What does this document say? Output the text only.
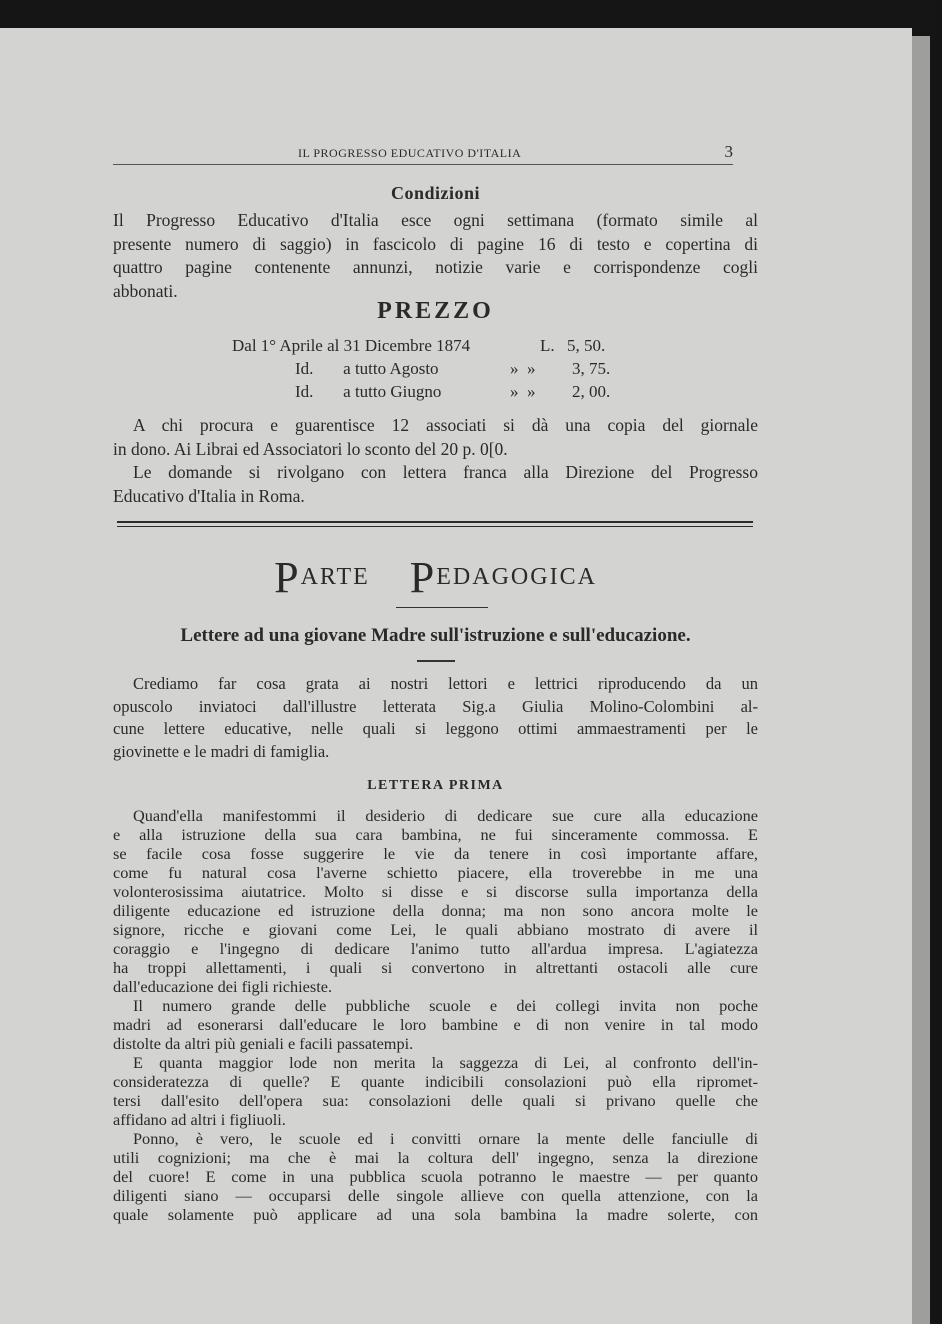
IL PROGRESSO EDUCATIVO D'ITALIA	3
Condizioni

Il Progresso Educativo d'Italia esce ogni settimana (formato simile al

presente numero di saggio) in fascicolo di pagine 16 di testo e copertina di

quattro pagine contenente annunzi, notizie varie e corrispondenze cogli

abbonati.

PREZZO
Dal 1° Aprile al 31 Dicembre 1874	L. 5, 50.
Id.       a tutto Agosto	»  » 3, 75.
Id.       a tutto Giugno	»  » 2, 00.

A chi procura e guarentisce 12 associati si dà una copia del giornale

in dono. Ai Librai ed Associatori lo sconto del 20 p. 0[0.

Le domande si rivolgano con lettera franca alla Direzione del Progresso

Educativo d'Italia in Roma.

PARTE PEDAGOGICA
Lettere ad una giovane Madre sull'istruzione e sull'educazione.

Crediamo far cosa grata ai nostri lettori e lettrici riproducendo da un

opuscolo inviatoci dall'illustre letterata Sig.a Giulia Molino-Colombini al-

cune lettere educative, nelle quali si leggono ottimi ammaestramenti per le

giovinette e le madri di famiglia.

LETTERA PRIMA

Quand'ella manifestommi il desiderio di dedicare sue cure alla educazione

e alla istruzione della sua cara bambina, ne fui sinceramente commossa. E

se facile cosa fosse suggerire le vie da tenere in così importante affare,

come fu natural cosa l'averne schietto piacere, ella troverebbe in me una

volonterosissima aiutatrice. Molto si disse e si discorse sulla importanza della

diligente educazione ed istruzione della donna; ma non sono ancora molte le

signore, ricche e giovani come Lei, le quali abbiano mostrato di avere il

coraggio e l'ingegno di dedicare l'animo tutto all'ardua impresa. L'agiatezza

ha troppi allettamenti, i quali si convertono in altrettanti ostacoli alle cure

dall'educazione dei figli richieste.

Il numero grande delle pubbliche scuole e dei collegi invita non poche

madri ad esonerarsi dall'educare le loro bambine e di non venire in tal modo

distolte da altri più geniali e facili passatempi.

E quanta maggior lode non merita la saggezza di Lei, al confronto dell'in-

consideratezza di quelle? E quante indicibili consolazioni può ella ripromet-

tersi dall'esito dell'opera sua: consolazioni delle quali si privano quelle che

affidano ad altri i figliuoli.

Ponno, è vero, le scuole ed i convitti ornare la mente delle fanciulle di

utili cognizioni; ma che è mai la coltura dell' ingegno, senza la direzione

del cuore! E come in una pubblica scuola potranno le maestre — per quanto

diligenti siano — occuparsi delle singole allieve con quella attenzione, con la

quale solamente può applicare ad una sola bambina la madre solerte, con
